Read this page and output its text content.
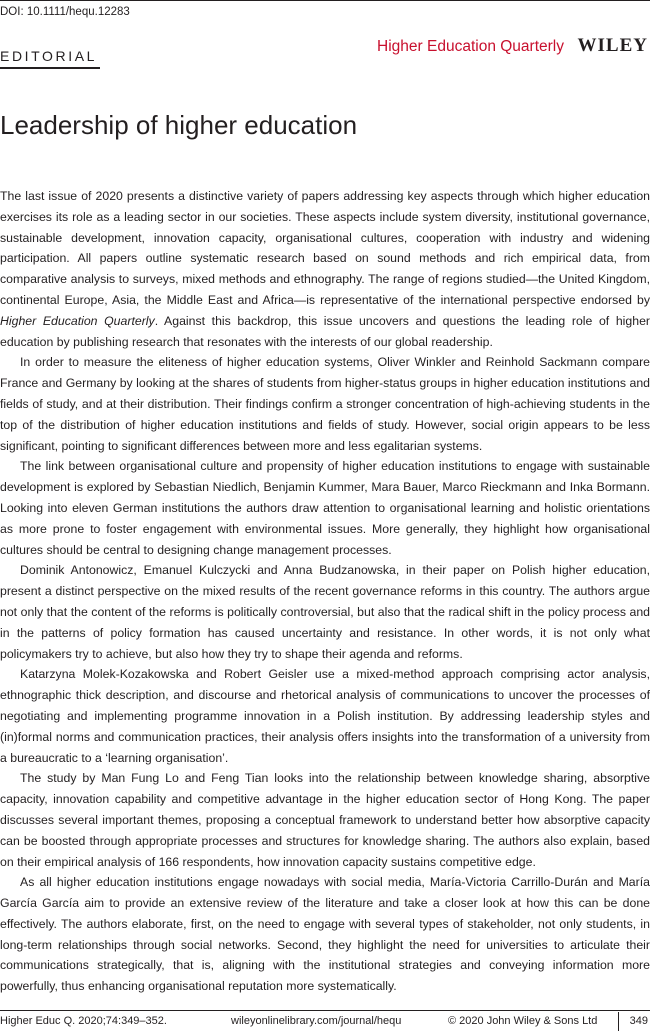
DOI: 10.1111/hequ.12283
EDITORIAL
Higher Education Quarterly WILEY
Leadership of higher education

The last issue of 2020 presents a distinctive variety of papers addressing key aspects through which higher education exercises its role as a leading sector in our societies. These aspects include system diversity, institutional governance, sustainable development, innovation capacity, organisational cultures, cooperation with industry and widening participation. All papers outline systematic research based on sound methods and rich empirical data, from comparative analysis to surveys, mixed methods and ethnography. The range of regions studied—the United Kingdom, continental Europe, Asia, the Middle East and Africa—is representative of the international perspective endorsed by Higher Education Quarterly. Against this backdrop, this issue uncovers and questions the leading role of higher education by publishing research that resonates with the interests of our global readership.

In order to measure the eliteness of higher education systems, Oliver Winkler and Reinhold Sackmann compare France and Germany by looking at the shares of students from higher-status groups in higher education institutions and fields of study, and at their distribution. Their findings confirm a stronger concentration of high-achieving students in the top of the distribution of higher education institutions and fields of study. However, social origin appears to be less significant, pointing to significant differences between more and less egalitarian systems.

The link between organisational culture and propensity of higher education institutions to engage with sustainable development is explored by Sebastian Niedlich, Benjamin Kummer, Mara Bauer, Marco Rieckmann and Inka Bormann. Looking into eleven German institutions the authors draw attention to organisational learning and holistic orientations as more prone to foster engagement with environmental issues. More generally, they highlight how organisational cultures should be central to designing change management processes.

Dominik Antonowicz, Emanuel Kulczycki and Anna Budzanowska, in their paper on Polish higher education, present a distinct perspective on the mixed results of the recent governance reforms in this country. The authors argue not only that the content of the reforms is politically controversial, but also that the radical shift in the policy process and in the patterns of policy formation has caused uncertainty and resistance. In other words, it is not only what policymakers try to achieve, but also how they try to shape their agenda and reforms.

Katarzyna Molek-Kozakowska and Robert Geisler use a mixed-method approach comprising actor analysis, ethnographic thick description, and discourse and rhetorical analysis of communications to uncover the processes of negotiating and implementing programme innovation in a Polish institution. By addressing leadership styles and (in)formal norms and communication practices, their analysis offers insights into the transformation of a university from a bureaucratic to a ‘learning organisation’.

The study by Man Fung Lo and Feng Tian looks into the relationship between knowledge sharing, absorptive capacity, innovation capability and competitive advantage in the higher education sector of Hong Kong. The paper discusses several important themes, proposing a conceptual framework to understand better how absorptive capacity can be boosted through appropriate processes and structures for knowledge sharing. The authors also explain, based on their empirical analysis of 166 respondents, how innovation capacity sustains competitive edge.

As all higher education institutions engage nowadays with social media, María-Victoria Carrillo-Durán and María García García aim to provide an extensive review of the literature and take a closer look at how this can be done effectively. The authors elaborate, first, on the need to engage with several types of stakeholder, not only students, in long-term relationships through social networks. Second, they highlight the need for universities to articulate their communications strategically, that is, aligning with the institutional strategies and conveying information more powerfully, thus enhancing organisational reputation more systematically.

Higher Educ Q. 2020;74:349–352.	wileyonlinelibrary.com/journal/hequ	© 2020 John Wiley & Sons Ltd	349
